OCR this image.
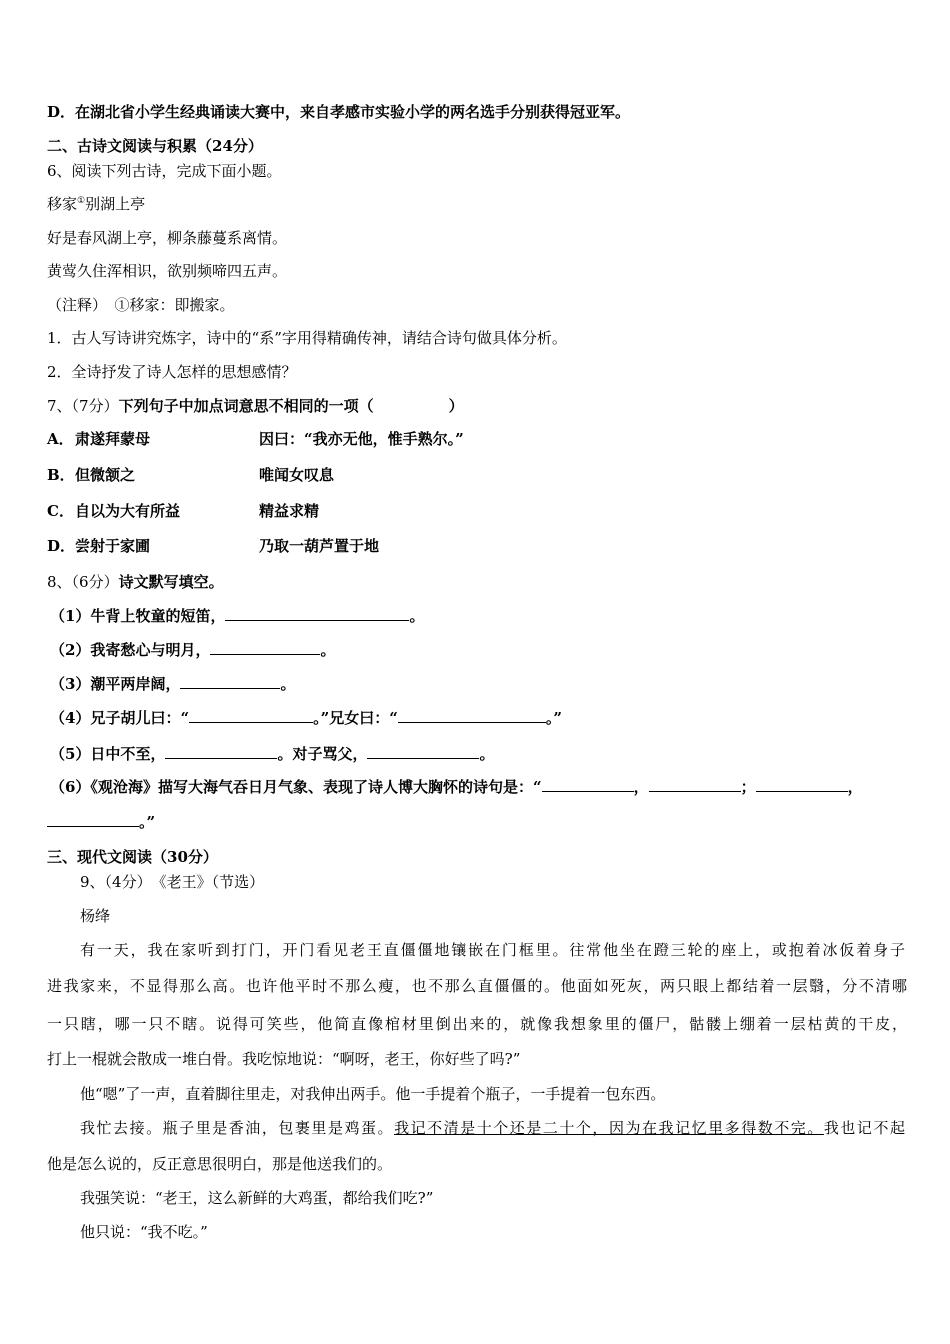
D．在湖北省小学生经典诵读大赛中，来自孝感市实验小学的两名选手分别获得冠亚军。
二、古诗文阅读与积累（24分）
6、阅读下列古诗，完成下面小题。
移家①别湖上亭
好是春风湖上亭，柳条藤蔓系离情。
黄莺久住浑相识，欲别频啼四五声。
（注释）　①移家：即搬家。
1．古人写诗讲究炼字，诗中的“系”字用得精确传神，请结合诗句做具体分析。
2．全诗抒发了诗人怎样的思想感情？
7、（7分）下列句子中加点词意思不相同的一项（　　　　　）
A． 肃遂拜蒙母	因曰：“我亦无他，惟手熟尔。”
B． 但微颔之	唯闻女叹息
C． 自以为大有所益	精益求精
D． 尝射于家圃	乃取一葫芦置于地
8、（6分）诗文默写填空。
（1）牛背上牧童的短笛，	。
（2）我寄愁心与明月，	。
（3）潮平两岸阔，	。
（4）兄子胡儿曰：“	。”兄女曰：“	。”
（5）日中不至，	。对子骂父，	。
（6）《观沧海》描写大海气吞日月气象、表现了诗人博大胸怀的诗句是：“	，	；	，
。”
三、现代文阅读（30分）
9、（4分）　《老王》（节选）
杨绛
有一天，我在家听到打门，开门看见老王直僵僵地镶嵌在门框里。往常他坐在蹬三轮的座上，或抱着冰仮着身子
进我家来，不显得那么高。也许他平时不那么瘦，也不那么直僵僵的。他面如死灰，两只眼上都结着一层翳，分不清哪
一只瞎，哪一只不瞎。说得可笑些，他简直像棺材里倒出来的，就像我想象里的僵尸，骷髅上绷着一层枯黄的干皮，
打上一棍就会散成一堆白骨。我吃惊地说：“啊呀，老王，你好些了吗?”
他“嗯”了一声，直着脚往里走，对我伸出两手。他一手提着个瓶子，一手提着一包东西。
我忙去接。瓶子里是香油，包裹里是鸡蛋。我记不清是十个还是二十个，因为在我记忆里多得数不完。我也记不起
他是怎么说的，反正意思很明白，那是他送我们的。
我强笑说：“老王，这么新鲜的大鸡蛋，都给我们吃?”
他只说：“我不吃。”
